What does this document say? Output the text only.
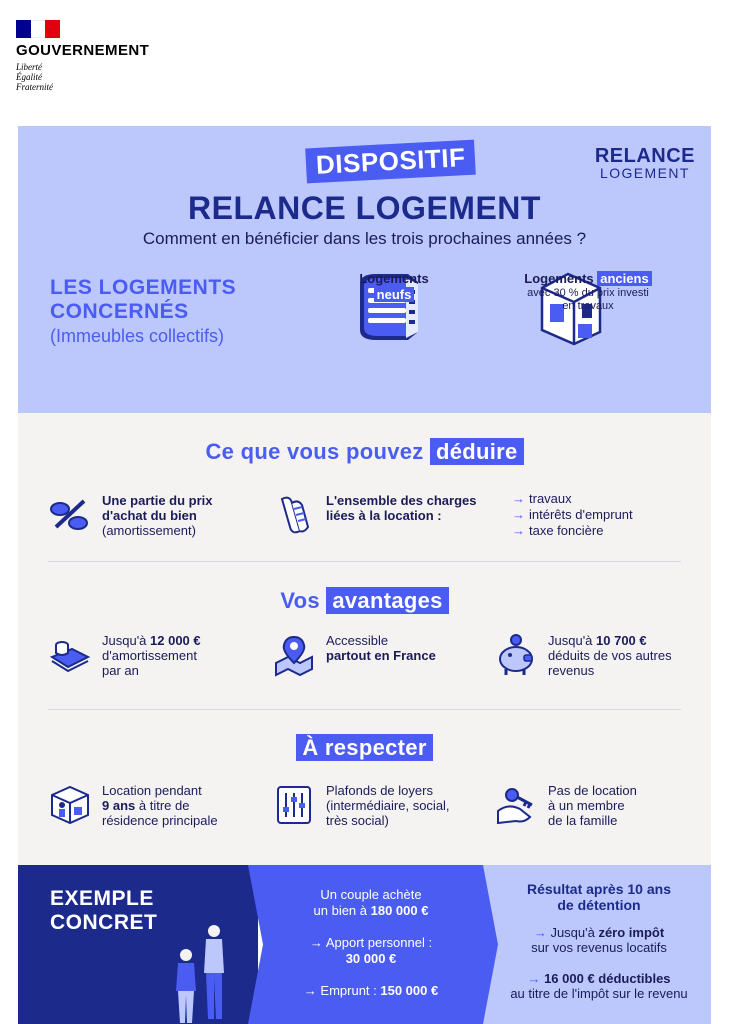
GOUVERNEMENT
Liberté
Égalité
Fraternité
RELANCE
LOGEMENT
DISPOSITIF
RELANCE LOGEMENT
Comment en bénéficier dans les trois prochaines années ?
LES LOGEMENTS
CONCERNÉS
(Immeubles collectifs)
Logements
neufs
Logements anciens
avec 30 % du prix investi
en travaux
Ce que vous pouvez déduire
Une partie du prix
d'achat du bien
(amortissement)
L'ensemble des charges
liées à la location :
→ travaux
→ intérêts d'emprunt
→ taxe foncière
Vos avantages
Jusqu'à 12 000 €
d'amortissement
par an
Accessible
partout en France
Jusqu'à 10 700 €
déduits de vos autres
revenus
À respecter
Location pendant
9 ans à titre de
résidence principale
Plafonds de loyers
(intermédiaire, social,
très social)
Pas de location
à un membre
de la famille
EXEMPLE
CONCRET
Un couple achète
un bien à 180 000 €
→ Apport personnel :
30 000 €
→ Emprunt : 150 000 €
Résultat après 10 ans
de détention
→ Jusqu'à zéro impôt
sur vos revenus locatifs
→ 16 000 € déductibles
au titre de l'impôt sur le revenu
